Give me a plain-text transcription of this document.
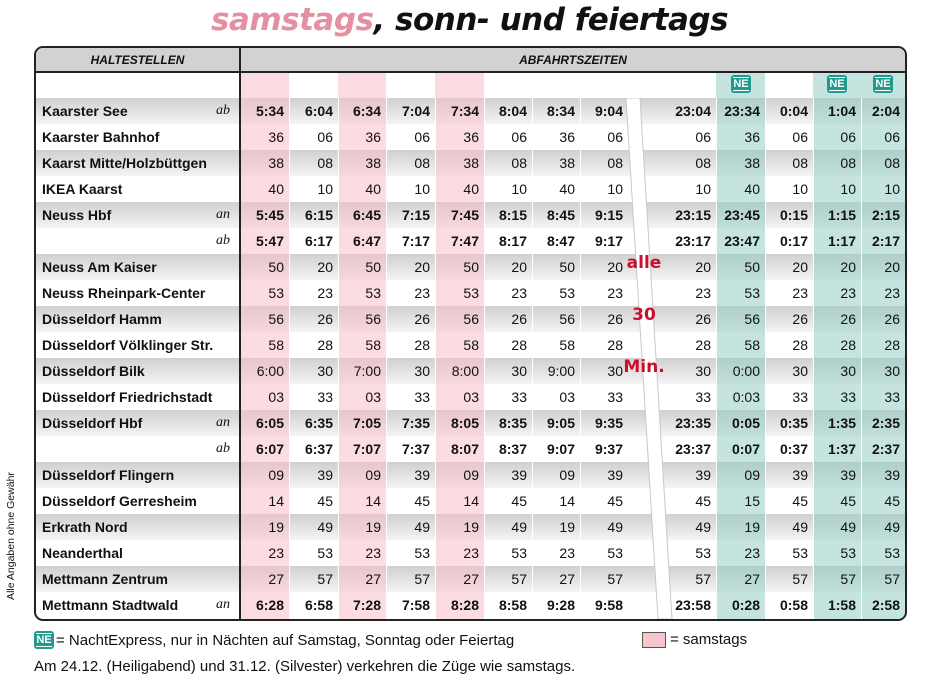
samstags, sonn- und feiertags
Alle Angaben ohne Gewähr
HALTESTELLEN	ABFAHRTSZEITEN
NE	NE	NE
Kaarster See	ab	5:34	6:04	6:34	7:04	7:34	8:04	8:34	9:04	23:04 23:34	0:04	1:04	2:04
Kaarster Bahnhof	36	06	36	06	36	06	36	06	06	36	06	06	06
Kaarst Mitte/Holzbüttgen	38	08	38	08	38	08	38	08	08	38	08	08	08
IKEA Kaarst	40	10	40	10	40	10	40	10	10	40	10	10	10
Neuss Hbf	an	5:45	6:15	6:45	7:15	7:45	8:15	8:45	9:15	23:15 23:45	0:15	1:15	2:15
ab	5:47	6:17	6:47	7:17	7:47	8:17	8:47	9:17	23:17 23:47	0:17	1:17	2:17
Neuss Am Kaiser	50	20	50	20	50	20	50	20	20	50	20	20	20
Neuss Rheinpark-Center	53	23	53	23	53	23	53	23	23	53	23	23	23
Düsseldorf Hamm	56	26	56	26	56	26	56	26	26	56	26	26	26
Düsseldorf Völklinger Str.	58	28	58	28	58	28	58	28	28	58	28	28	28
Düsseldorf Bilk	6:00	30	7:00	30	8:00	30	9:00	30	30	0:00	30	30	30
Düsseldorf Friedrichstadt	03	33	03	33	03	33	03	33	33	0:03	33	33	33
Düsseldorf Hbf	an	6:05	6:35	7:05	7:35	8:05	8:35	9:05	9:35	23:35	0:05	0:35	1:35	2:35
ab	6:07	6:37	7:07	7:37	8:07	8:37	9:07	9:37	23:37	0:07	0:37	1:37	2:37
Düsseldorf Flingern	09	39	09	39	09	39	09	39	39	09	39	39	39
Düsseldorf Gerresheim	14	45	14	45	14	45	14	45	45	15	45	45	45
Erkrath Nord	19	49	19	49	19	49	19	49	49	19	49	49	49
Neanderthal	23	53	23	53	23	53	23	53	53	23	53	53	53
Mettmann Zentrum	27	57	27	57	27	57	27	57	57	27	57	57	57
Mettmann Stadtwald	an	6:28	6:58	7:28	7:58	8:28	8:58	9:28	9:58	23:58	0:28	0:58	1:58	2:58
alle
30
Min.
NE = NachtExpress, nur in Nächten auf Samstag, Sonntag oder Feiertag	= samstags
Am 24.12. (Heiligabend) und 31.12. (Silvester) verkehren die Züge wie samstags.
